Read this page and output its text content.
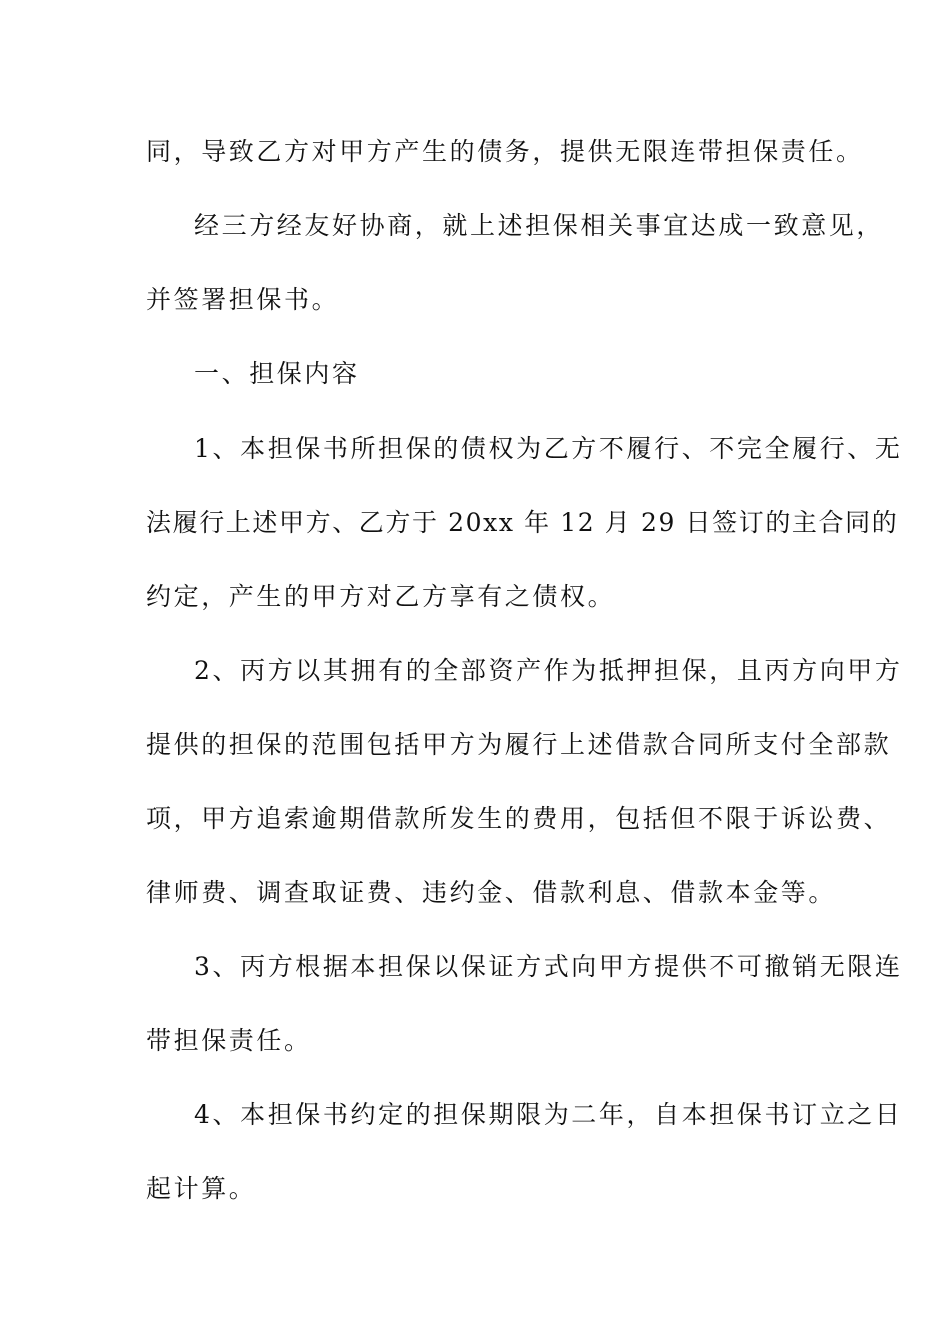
同，导致乙方对甲方产生的债务，提供无限连带担保责任。
经三方经友好协商，就上述担保相关事宜达成一致意见，
并签署担保书。
一、担保内容
1、本担保书所担保的债权为乙方不履行、不完全履行、无
法履行上述甲方、乙方于 20xx 年 12 月 29 日签订的主合同的
约定，产生的甲方对乙方享有之债权。
2、丙方以其拥有的全部资产作为抵押担保，且丙方向甲方
提供的担保的范围包括甲方为履行上述借款合同所支付全部款
项，甲方追索逾期借款所发生的费用，包括但不限于诉讼费、
律师费、调查取证费、违约金、借款利息、借款本金等。
3、丙方根据本担保以保证方式向甲方提供不可撤销无限连
带担保责任。
4、本担保书约定的担保期限为二年，自本担保书订立之日
起计算。
